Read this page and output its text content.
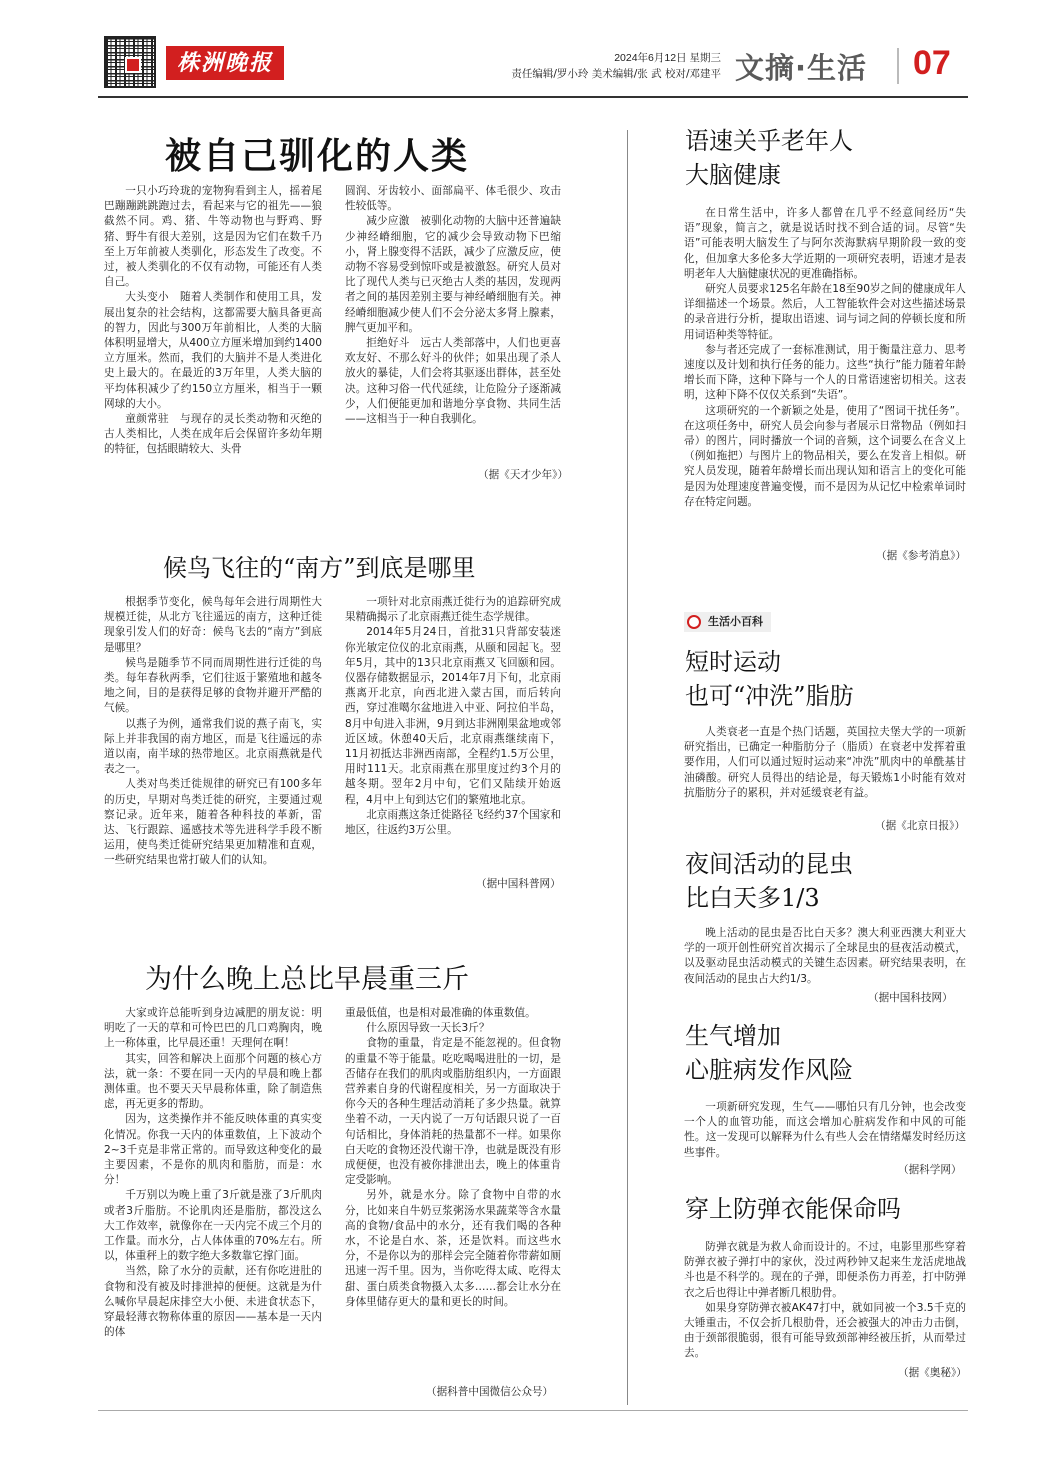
株洲晚报	2024年6月12日 星期三
责任编辑/罗小玲 美术编辑/张 武 校对/邓建平 文摘·生活 07
被自己驯化的人类

一只小巧玲珑的宠物狗看到主人，摇着尾巴蹦蹦跳跳跑过去，看起来与它的祖先——狼截然不同。鸡、猪、牛等动物也与野鸡、野猪、野牛有很大差别，这是因为它们在数千乃至上万年前被人类驯化，形态发生了改变。不过，被人类驯化的不仅有动物，可能还有人类自己。

大头变小　随着人类制作和使用工具，发展出复杂的社会结构，这都需要大脑具备更高的智力，因此与300万年前相比，人类的大脑体积明显增大，从400立方厘米增加到约1400立方厘米。然而，我们的大脑并不是人类进化史上最大的。在最近的3万年里，人类大脑的平均体积减少了约150立方厘米，相当于一颗网球的大小。

童颜常驻　与现存的灵长类动物和灭绝的古人类相比，人类在成年后会保留许多幼年期的特征，包括眼睛较大、头骨

圆润、牙齿较小、面部扁平、体毛很少、攻击性较低等。

减少应激　被驯化动物的大脑中还普遍缺少神经嵴细胞，它的减少会导致动物下巴缩小，肾上腺变得不活跃，减少了应激反应，使动物不容易受到惊吓或是被激怒。研究人员对比了现代人类与已灭绝古人类的基因，发现两者之间的基因差别主要与神经嵴细胞有关。神经嵴细胞减少使人们不会分泌太多肾上腺素，脾气更加平和。

拒绝好斗　远古人类部落中，人们也更喜欢友好、不那么好斗的伙伴；如果出现了杀人放火的暴徒，人们会将其驱逐出群体，甚至处决。这种习俗一代代延续，让危险分子逐渐减少，人们便能更加和谐地分享食物、共同生活——这相当于一种自我驯化。

（据《天才少年》）
候鸟飞往的“南方”到底是哪里

根据季节变化，候鸟每年会进行周期性大规模迁徙，从北方飞往遥远的南方，这种迁徙现象引发人们的好奇：候鸟飞去的“南方”到底是哪里？

候鸟是随季节不同而周期性进行迁徙的鸟类。每年春秋两季，它们往返于繁殖地和越冬地之间，目的是获得足够的食物并避开严酷的气候。

以燕子为例，通常我们说的燕子南飞，实际上并非我国的南方地区，而是飞往遥远的赤道以南，南半球的热带地区。北京雨燕就是代表之一。

人类对鸟类迁徙规律的研究已有100多年的历史，早期对鸟类迁徙的研究，主要通过观察记录。近年来，随着各种科技的革新，雷达、飞行跟踪、遥感技术等先进科学手段不断运用，使鸟类迁徙研究结果更加精准和直观，一些研究结果也常打破人们的认知。

一项针对北京雨燕迁徙行为的追踪研究成果精确揭示了北京雨燕迁徙生态学规律。

2014年5月24日，首批31只背部安装迷你光敏定位仪的北京雨燕，从颐和园起飞。翌年5月，其中的13只北京雨燕又飞回颐和园。仪器存储数据显示，2014年7月下旬，北京雨燕离开北京，向西北进入蒙古国，而后转向西，穿过准噶尔盆地进入中亚、阿拉伯半岛，8月中旬进入非洲，9月到达非洲刚果盆地或邻近区域。休憩40天后，北京雨燕继续南下，11月初抵达非洲西南部，全程约1.5万公里，用时111天。北京雨燕在那里度过约3个月的越冬期。翌年2月中旬，它们又陆续开始返程，4月中上旬到达它们的繁殖地北京。

北京雨燕这条迁徙路径飞经约37个国家和地区，往返约3万公里。

（据中国科普网）
为什么晚上总比早晨重三斤

大家或许总能听到身边减肥的朋友说：明明吃了一天的草和可怜巴巴的几口鸡胸肉，晚上一称体重，比早晨还重！天理何在啊！

其实，回答和解决上面那个问题的核心方法，就一条：不要在同一天内的早晨和晚上都测体重。也不要天天早晨称体重，除了制造焦虑，再无更多的帮助。

因为，这类操作并不能反映体重的真实变化情况。你我一天内的体重数值，上下波动个2~3千克是非常正常的。而导致这种变化的最主要因素，不是你的肌肉和脂肪，而是：水分！

千万别以为晚上重了3斤就是涨了3斤肌肉或者3斤脂肪。不论肌肉还是脂肪，都没这么大工作效率，就像你在一天内完不成三个月的工作量。而水分，占人体体重的70%左右。所以，体重秤上的数字绝大多数靠它撑门面。

当然，除了水分的贡献，还有你吃进肚的食物和没有被及时排泄掉的便便。这就是为什么喊你早晨起床排空大小便、未进食状态下，穿最轻薄衣物称体重的原因——基本是一天内的体

重最低值，也是相对最准确的体重数值。

什么原因导致一天长3斤？

食物的重量，肯定是不能忽视的。但食物的重量不等于能量。吃吃喝喝进肚的一切，是否储存在我们的肌肉或脂肪组织内，一方面跟营养素自身的代谢程度相关，另一方面取决于你今天的各种生理活动消耗了多少热量。就算坐着不动，一天内说了一万句话跟只说了一百句话相比，身体消耗的热量都不一样。如果你白天吃的食物还没代谢干净，也就是既没有形成便便，也没有被你排泄出去，晚上的体重肯定受影响。

另外，就是水分。除了食物中自带的水分，比如来自牛奶豆浆粥汤水果蔬菜等含水量高的食物/食品中的水分，还有我们喝的各种水，不论是白水、茶，还是饮料。而这些水分，不是你以为的那样会完全随着你带薪如厕迅速一泻千里。因为，当你吃得太咸、吃得太甜、蛋白质类食物摄入太多……都会让水分在身体里储存更大的量和更长的时间。

（据科普中国微信公众号）
语速关乎老年人
大脑健康

在日常生活中，许多人都曾在几乎不经意间经历“失语”现象，简言之，就是说话时找不到合适的词。尽管“失语”可能表明大脑发生了与阿尔茨海默病早期阶段一致的变化，但加拿大多伦多大学近期的一项研究表明，语速才是表明老年人大脑健康状况的更准确指标。

研究人员要求125名年龄在18至90岁之间的健康成年人详细描述一个场景。然后，人工智能软件会对这些描述场景的录音进行分析，提取出语速、词与词之间的停顿长度和所用词语种类等特征。

参与者还完成了一套标准测试，用于衡量注意力、思考速度以及计划和执行任务的能力。这些“执行”能力随着年龄增长而下降，这种下降与一个人的日常语速密切相关。这表明，这种下降不仅仅关系到“失语”。

这项研究的一个新颖之处是，使用了“图词干扰任务”。在这项任务中，研究人员会向参与者展示日常物品（例如扫帚）的图片，同时播放一个词的音频，这个词要么在含义上（例如拖把）与图片上的物品相关，要么在发音上相似。研究人员发现，随着年龄增长而出现认知和语言上的变化可能是因为处理速度普遍变慢，而不是因为从记忆中检索单词时存在特定问题。

（据《参考消息》）
生活小百科
短时运动
也可“冲洗”脂肪

人类衰老一直是个热门话题，英国拉夫堡大学的一项新研究指出，已确定一种脂肪分子（脂质）在衰老中发挥着重要作用，人们可以通过短时运动来“冲洗”肌肉中的单酰基甘油磷酸。研究人员得出的结论是，每天锻炼1小时能有效对抗脂肪分子的累积，并对延缓衰老有益。

（据《北京日报》）
夜间活动的昆虫
比白天多1/3

晚上活动的昆虫是否比白天多？澳大利亚西澳大利亚大学的一项开创性研究首次揭示了全球昆虫的昼夜活动模式，以及驱动昆虫活动模式的关键生态因素。研究结果表明，在夜间活动的昆虫占大约1/3。

（据中国科技网）
生气增加
心脏病发作风险

一项新研究发现，生气——哪怕只有几分钟，也会改变一个人的血管功能，而这会增加心脏病发作和中风的可能性。这一发现可以解释为什么有些人会在情绪爆发时经历这些事件。

（据科学网）
穿上防弹衣能保命吗

防弹衣就是为救人命而设计的。不过，电影里那些穿着防弹衣被子弹打中的家伙，没过两秒钟又起来生龙活虎地战斗也是不科学的。现在的子弹，即便杀伤力再差，打中防弹衣之后也得让中弹者断几根肋骨。

如果身穿防弹衣被AK47打中，就如同被一个3.5千克的大锤重击，不仅会折几根肋骨，还会被强大的冲击力击倒，由于颈部很脆弱，很有可能导致颈部神经被压折，从而晕过去。

（据《奥秘》）
